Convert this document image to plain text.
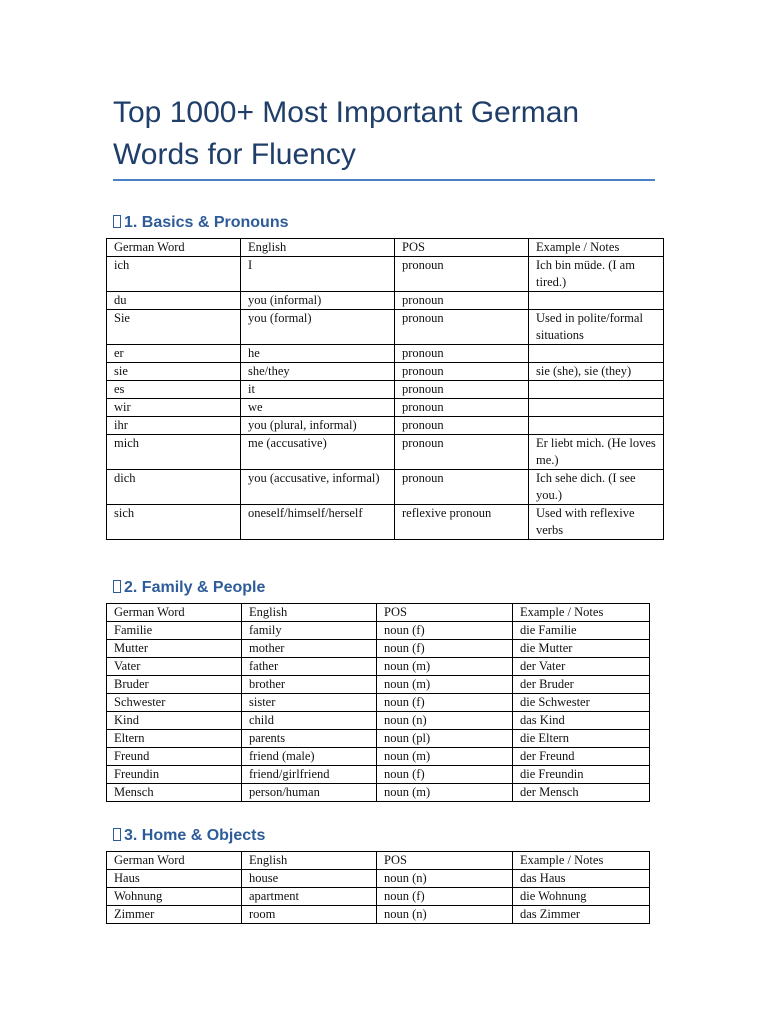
Top 1000+ Most Important German Words for Fluency
1. Basics & Pronouns
German Word	English	POS	Example / Notes
ich	I	pronoun	Ich bin müde. (I am tired.)
du	you (informal)	pronoun	
Sie	you (formal)	pronoun	Used in polite/formal situations
er	he	pronoun	
sie	she/they	pronoun	sie (she), sie (they)
es	it	pronoun	
wir	we	pronoun	
ihr	you (plural, informal)	pronoun	
mich	me (accusative)	pronoun	Er liebt mich. (He loves me.)
dich	you (accusative, informal)	pronoun	Ich sehe dich. (I see you.)
sich	oneself/himself/herself	reflexive pronoun	Used with reflexive verbs
2. Family & People
German Word	English	POS	Example / Notes
Familie	family	noun (f)	die Familie
Mutter	mother	noun (f)	die Mutter
Vater	father	noun (m)	der Vater
Bruder	brother	noun (m)	der Bruder
Schwester	sister	noun (f)	die Schwester
Kind	child	noun (n)	das Kind
Eltern	parents	noun (pl)	die Eltern
Freund	friend (male)	noun (m)	der Freund
Freundin	friend/girlfriend	noun (f)	die Freundin
Mensch	person/human	noun (m)	der Mensch
3. Home & Objects
German Word	English	POS	Example / Notes
Haus	house	noun (n)	das Haus
Wohnung	apartment	noun (f)	die Wohnung
Zimmer	room	noun (n)	das Zimmer
